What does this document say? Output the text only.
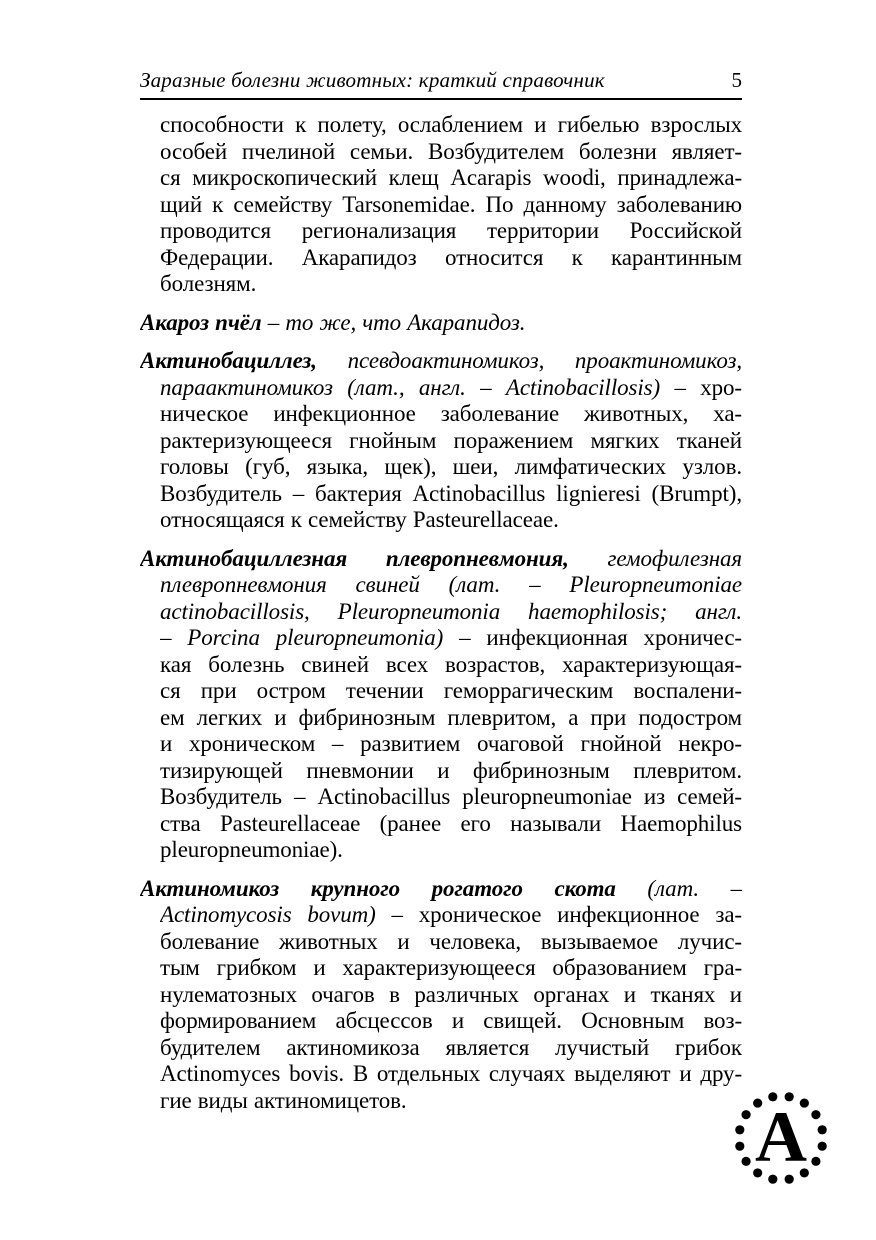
Заразные болезни животных: краткий справочник	5
способности к полету, ослаблением и гибелью взрослых
особей пчелиной семьи. Возбудителем болезни являет-
ся микроскопический клещ Acarapis woodi, принадлежа-
щий к семейству Tarsonemidae. По данному заболеванию
проводится регионализация территории Российской
Федерации. Акарапидоз относится к карантинным
болезням.
Акароз пчёл – то же, что Акарапидоз.
Актинобациллез, псевдоактиномикоз, проактиномикоз,
параактиномикоз (лат., англ. – Actinobacillosis) – хро-
ническое инфекционное заболевание животных, ха-
рактеризующееся гнойным поражением мягких тканей
головы (губ, языка, щек), шеи, лимфатических узлов.
Возбудитель – бактерия Actinobacillus lignieresi (Brumpt),
относящаяся к семейству Pasteurellaceae.
Актинобациллезная плевропневмония, гемофилезная
плевропневмония свиней (лат. – Pleuropneumoniae
actinobacillosis, Pleuropneumonia haemophilosis; англ.
– Porcina pleuropneumonia) – инфекционная хроничес-
кая болезнь свиней всех возрастов, характеризующая-
ся при остром течении геморрагическим воспалени-
ем легких и фибринозным плевритом, а при подостром
и хроническом – развитием очаговой гнойной некро-
тизирующей пневмонии и фибринозным плевритом.
Возбудитель – Actinobacillus pleuropneumoniae из семей-
ства Pasteurellaceae (ранее его называли Haemophilus
pleuropneumoniae).
Актиномикоз крупного рогатого скота (лат. –
Actinomycosis bovum) – хроническое инфекционное за-
болевание животных и человека, вызываемое лучис-
тым грибком и характеризующееся образованием гра-
нулематозных очагов в различных органах и тканях и
формированием абсцессов и свищей. Основным воз-
будителем актиномикоза является лучистый грибок
Actinomyces bovis. В отдельных случаях выделяют и дру-
гие виды актиномицетов.	А
